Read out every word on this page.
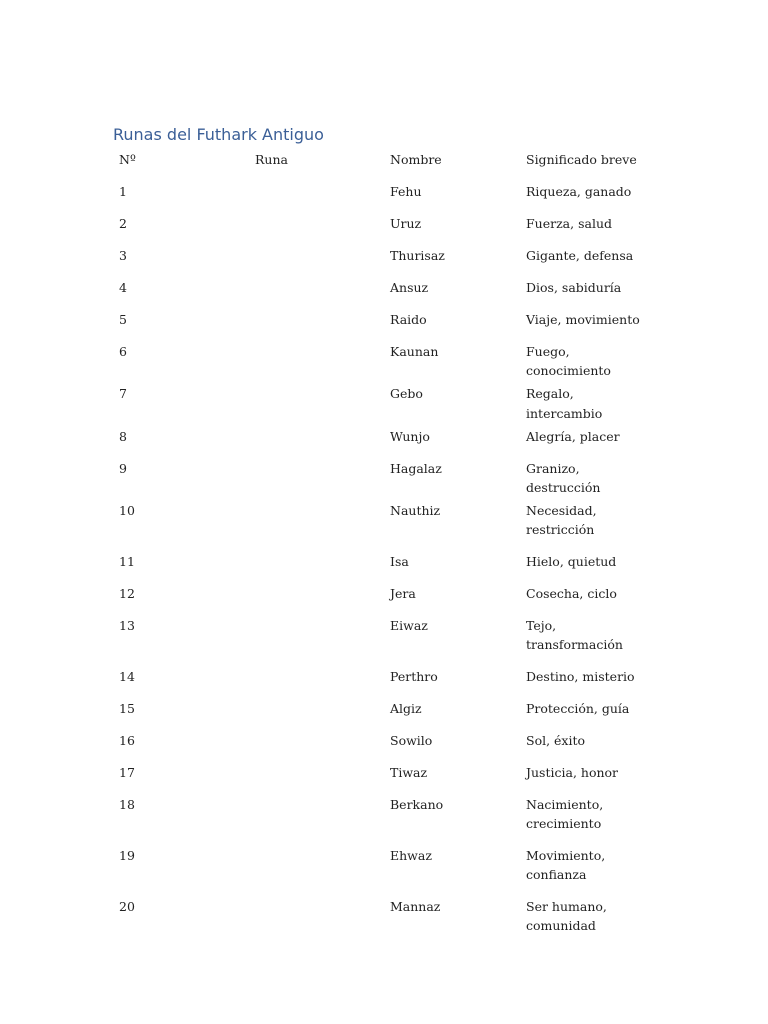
Runas del Futhark Antiguo
Nº	Runa	Nombre	Significado breve
1		Fehu	Riqueza, ganado
2		Uruz	Fuerza, salud
3		Thurisaz	Gigante, defensa
4		Ansuz	Dios, sabiduría
5		Raido	Viaje, movimiento
6		Kaunan	Fuego, conocimiento
7		Gebo	Regalo, intercambio
8		Wunjo	Alegría, placer
9		Hagalaz	Granizo, destrucción
10		Nauthiz	Necesidad, restricción
11		Isa	Hielo, quietud
12		Jera	Cosecha, ciclo
13		Eiwaz	Tejo, transformación
14		Perthro	Destino, misterio
15		Algiz	Protección, guía
16		Sowilo	Sol, éxito
17		Tiwaz	Justicia, honor
18		Berkano	Nacimiento, crecimiento
19		Ehwaz	Movimiento, confianza
20		Mannaz	Ser humano, comunidad
